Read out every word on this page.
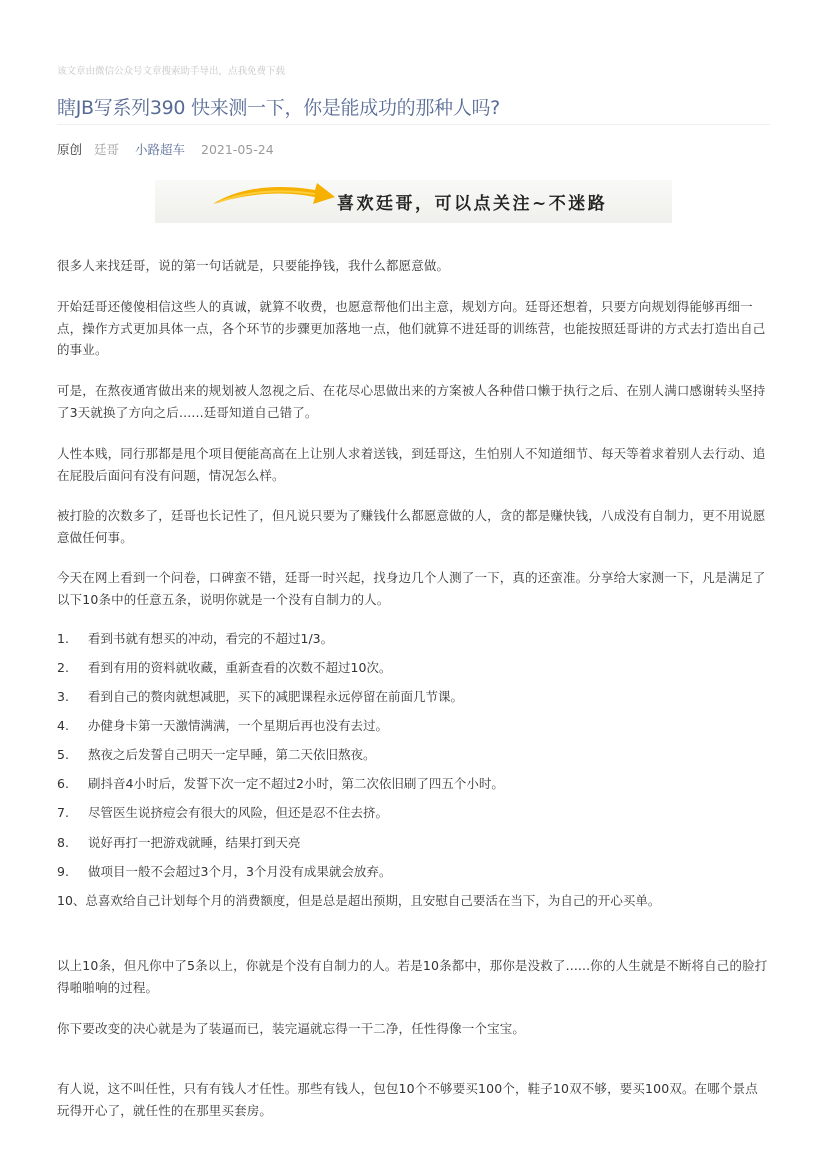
该文章由微信公众号文章搜索助手导出，点我免费下载
瞎JB写系列390 快来测一下，你是能成功的那种人吗?
原创 廷哥 小路超车 2021-05-24
喜欢廷哥，可以点关注~不迷路
很多人来找廷哥，说的第一句话就是，只要能挣钱，我什么都愿意做。
开始廷哥还傻傻相信这些人的真诚，就算不收费，也愿意帮他们出主意，规划方向。廷哥还想着，只要方向规划得能够再细一点，操作方式更加具体一点，各个环节的步骤更加落地一点，他们就算不进廷哥的训练营，也能按照廷哥讲的方式去打造出自己的事业。
可是，在熬夜通宵做出来的规划被人忽视之后、在花尽心思做出来的方案被人各种借口懒于执行之后、在别人满口感谢转头坚持了3天就换了方向之后......廷哥知道自己错了。
人性本贱，同行那都是甩个项目便能高高在上让别人求着送钱，到廷哥这，生怕别人不知道细节、每天等着求着别人去行动、追在屁股后面问有没有问题，情况怎么样。
被打脸的次数多了，廷哥也长记性了，但凡说只要为了赚钱什么都愿意做的人，贪的都是赚快钱，八成没有自制力，更不用说愿意做任何事。
今天在网上看到一个问卷，口碑蛮不错，廷哥一时兴起，找身边几个人测了一下，真的还蛮准。分享给大家测一下，凡是满足了以下10条中的任意五条，说明你就是一个没有自制力的人。
1. 看到书就有想买的冲动，看完的不超过1/3。
2. 看到有用的资料就收藏，重新查看的次数不超过10次。
3. 看到自己的赘肉就想减肥，买下的减肥课程永远停留在前面几节课。
4. 办健身卡第一天激情满满，一个星期后再也没有去过。
5. 熬夜之后发誓自己明天一定早睡，第二天依旧熬夜。
6. 刷抖音4小时后，发誓下次一定不超过2小时，第二次依旧刷了四五个小时。
7. 尽管医生说挤痘会有很大的风险，但还是忍不住去挤。
8. 说好再打一把游戏就睡，结果打到天亮
9. 做项目一般不会超过3个月，3个月没有成果就会放弃。
10、总喜欢给自己计划每个月的消费额度，但是总是超出预期，且安慰自己要活在当下，为自己的开心买单。
以上10条，但凡你中了5条以上，你就是个没有自制力的人。若是10条都中，那你是没救了......你的人生就是不断将自己的脸打得啪啪响的过程。
你下要改变的决心就是为了装逼而已，装完逼就忘得一干二净，任性得像一个宝宝。
有人说，这不叫任性，只有有钱人才任性。那些有钱人，包包10个不够要买100个，鞋子10双不够，要买100双。在哪个景点玩得开心了，就任性的在那里买套房。
